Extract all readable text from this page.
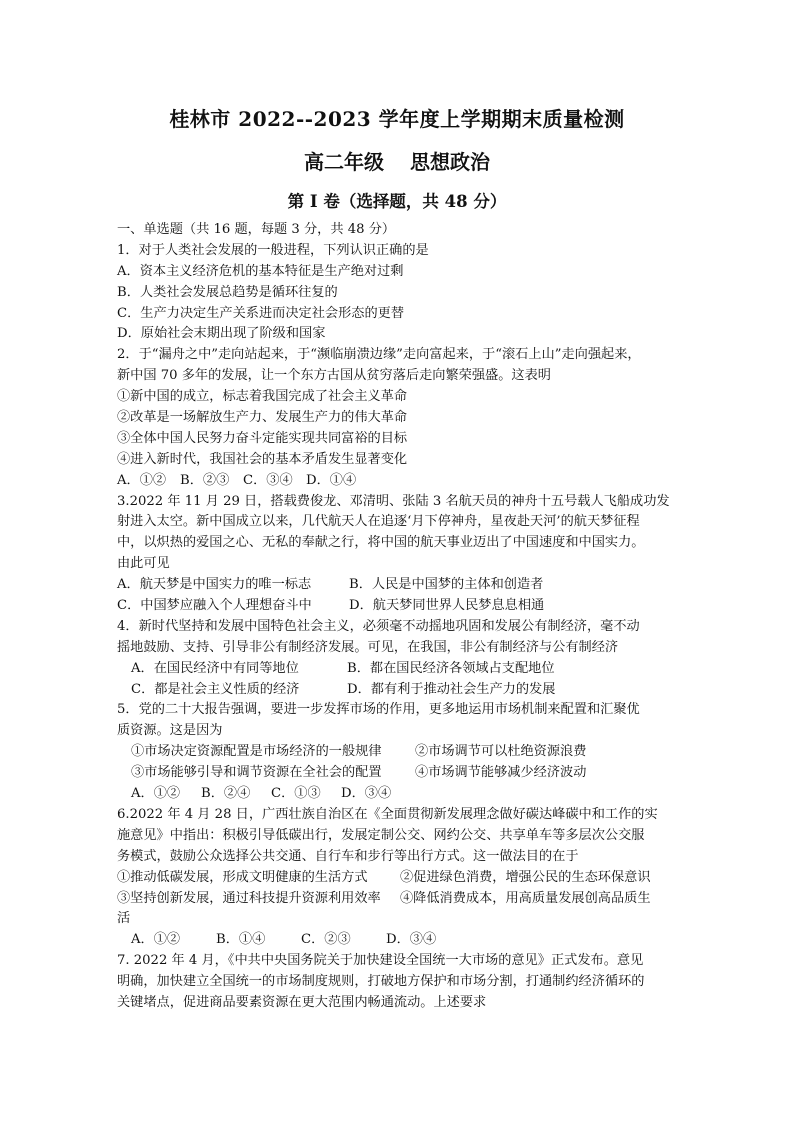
桂林市 2022--2023 学年度上学期期末质量检测
高二年级 思想政治
第 I 卷（选择题，共 48 分）
一、单选题（共 16 题，每题 3 分，共 48 分）
1．对于人类社会发展的一般进程，下列认识正确的是
A．资本主义经济危机的基本特征是生产绝对过剩
B．人类社会发展总趋势是循环往复的
C．生产力决定生产关系进而决定社会形态的更替
D．原始社会末期出现了阶级和国家
2．于“漏舟之中”走向站起来，于“濒临崩溃边缘”走向富起来，于“滚石上山”走向强起来，
新中国 70 多年的发展，让一个东方古国从贫穷落后走向繁荣强盛。这表明
①新中国的成立，标志着我国完成了社会主义革命
②改革是一场解放生产力、发展生产力的伟大革命
③全体中国人民努力奋斗定能实现共同富裕的目标
④进入新时代，我国社会的基本矛盾发生显著变化
A．①② B．②③ C．③④ D．①④
3.2022 年 11 月 29 日，搭载费俊龙、邓清明、张陆 3 名航天员的神舟十五号载人飞船成功发
射进入太空。新中国成立以来，几代航天人在追逐‘月下停神舟，星夜赴天河’的航天梦征程
中，以炽热的爱国之心、无私的奉献之行，将中国的航天事业迈出了中国速度和中国实力。
由此可见
A．航天梦是中国实力的唯一标志	B．人民是中国梦的主体和创造者
C．中国梦应融入个人理想奋斗中	D．航天梦同世界人民梦息息相通
4．新时代坚持和发展中国特色社会主义，必须毫不动摇地巩固和发展公有制经济，毫不动
摇地鼓励、支持、引导非公有制经济发展。可见，在我国，非公有制经济与公有制经济
A．在国民经济中有同等地位	B．都在国民经济各领域占支配地位
C．都是社会主义性质的经济	D．都有利于推动社会生产力的发展
5．党的二十大报告强调，要进一步发挥市场的作用，更多地运用市场机制来配置和汇聚优
质资源。这是因为
①市场决定资源配置是市场经济的一般规律	②市场调节可以杜绝资源浪费
③市场能够引导和调节资源在全社会的配置	④市场调节能够减少经济波动
A．①② B．②④ C．①③ D．③④
6.2022 年 4 月 28 日，广西壮族自治区在《全面贯彻新发展理念做好碳达峰碳中和工作的实
施意见》中指出：积极引导低碳出行，发展定制公交、网约公交、共享单车等多层次公交服
务模式，鼓励公众选择公共交通、自行车和步行等出行方式。这一做法目的在于
①推动低碳发展，形成文明健康的生活方式	②促进绿色消费，增强公民的生态环保意识
③坚持创新发展，通过科技提升资源利用效率	④降低消费成本，用高质量发展创高品质生
活
A．①②	B．①④	C．②③	D．③④
7. 2022 年 4 月，《中共中央国务院关于加快建设全国统一大市场的意见》正式发布。意见
明确，加快建立全国统一的市场制度规则，打破地方保护和市场分割，打通制约经济循环的
关键堵点，促进商品要素资源在更大范围内畅通流动。上述要求
